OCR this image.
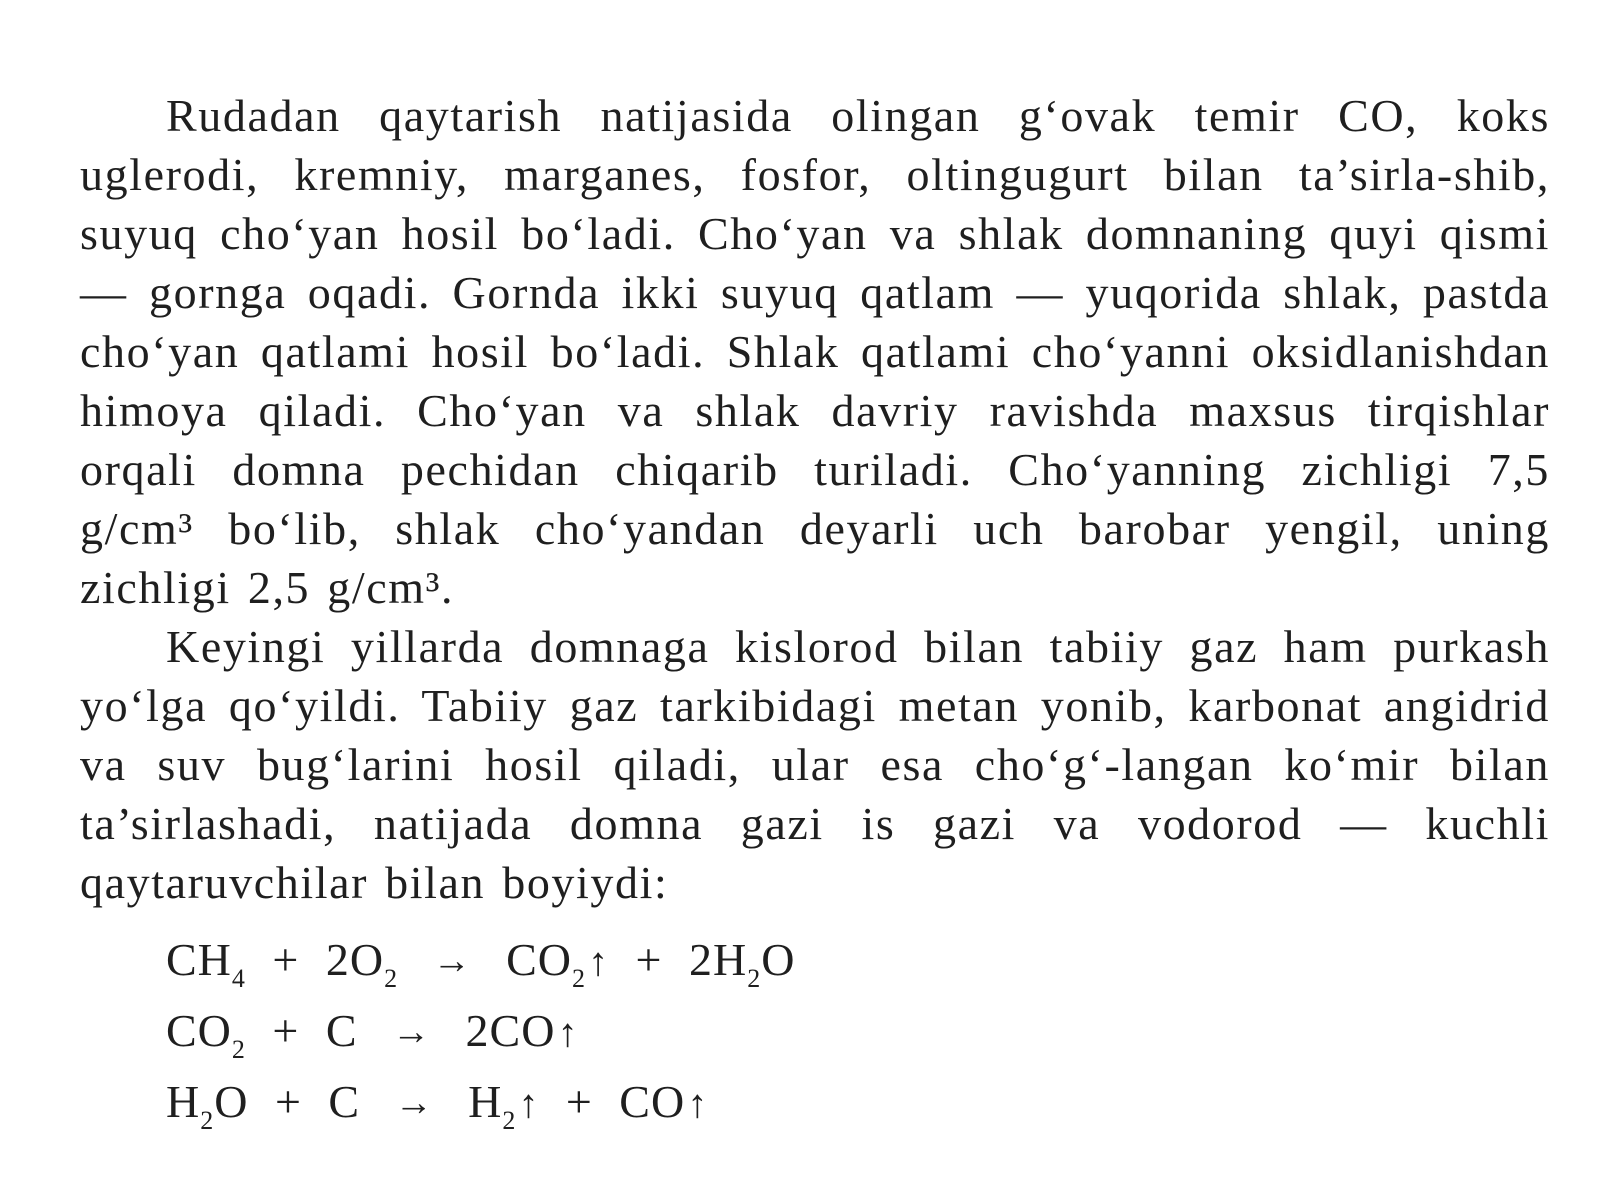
Rudadan qaytarish natijasida olingan g‘ovak temir CO, koks uglerodi, kremniy, marganes, fosfor, oltingugurt bilan ta’sirla-shib, suyuq cho‘yan hosil bo‘ladi. Cho‘yan va shlak domnaning quyi qismi — gornga oqadi. Gornda ikki suyuq qatlam — yuqorida shlak, pastda cho‘yan qatlami hosil bo‘ladi. Shlak qatlami cho‘yanni oksidlanishdan himoya qiladi. Cho‘yan va shlak davriy ravishda maxsus tirqishlar orqali domna pechidan chiqarib turiladi. Cho‘yanning zichligi 7,5 g/cm³ bo‘lib, shlak cho‘yandan deyarli uch barobar yengil, uning zichligi 2,5 g/cm³.

Keyingi yillarda domnaga kislorod bilan tabiiy gaz ham purkash yo‘lga qo‘yildi. Tabiiy gaz tarkibidagi metan yonib, karbonat angidrid va suv bug‘larini hosil qiladi, ular esa cho‘g‘-langan ko‘mir bilan ta’sirlashadi, natijada domna gazi is gazi va vodorod — kuchli qaytaruvchilar bilan boyiydi:

$CH_4 + 2O_2$ → $CO_2↑ + 2H_2O$
$CO_2 + C$ → 2CO↑
$H_2O + C$ → $H_2↑$ + CO↑
